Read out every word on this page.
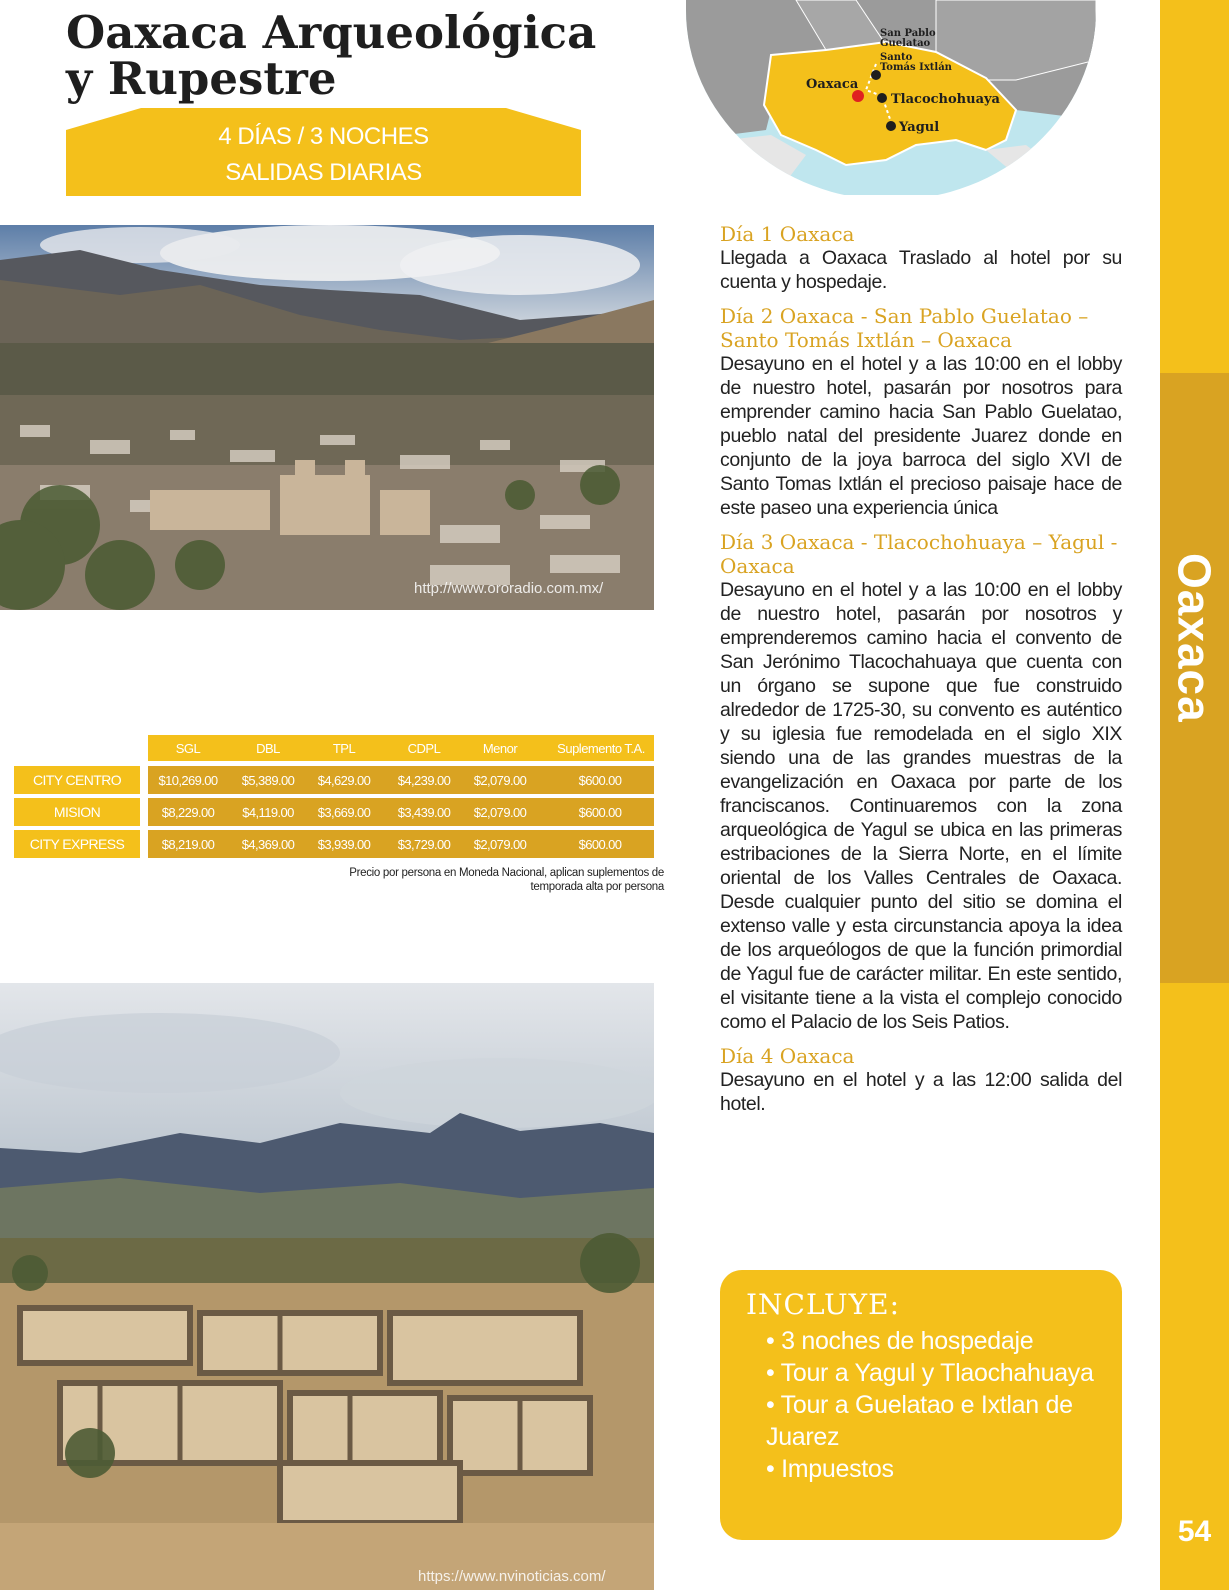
Oaxaca
54
Oaxaca Arqueológica
y Rupestre
4 DÍAS / 3 NOCHES
SALIDAS DIARIAS
San Pablo
Guelatao
Santo
Tomás Ixtlán
Oaxaca
Tlacochohuaya
Yagul
http://www.ororadio.com.mx/
SGL	DBL	TPL	CDPL	Menor	Suplemento T.A.
CITY CENTRO	$10,269.00	$5,389.00	$4,629.00	$4,239.00	$2,079.00	$600.00
MISION	$8,229.00	$4,119.00	$3,669.00	$3,439.00	$2,079.00	$600.00
CITY EXPRESS	$8,219.00	$4,369.00	$3,939.00	$3,729.00	$2,079.00	$600.00
Precio por persona en Moneda Nacional, aplican suplementos de
temporada alta por persona
https://www.nvinoticias.com/
Día 1 Oaxaca
Llegada a Oaxaca Traslado al hotel por su cuenta y hospedaje.
Día 2 Oaxaca - San Pablo Guelatao – Santo Tomás Ixtlán – Oaxaca
Desayuno en el hotel y a las 10:00 en el lobby de nuestro hotel, pasarán por nosotros para emprender camino hacia San Pablo Guelatao, pueblo natal del presidente Juarez donde en conjunto de la joya barroca del siglo XVI de Santo Tomas Ixtlán el precioso paisaje hace de este paseo una experiencia única
Día 3 Oaxaca - Tlacochohuaya – Yagul - Oaxaca
Desayuno en el hotel y a las 10:00 en el lobby de nuestro hotel, pasarán por nosotros y emprenderemos camino hacia el convento de San Jerónimo Tlacochahuaya que cuenta con un órgano se supone que fue construido alrededor de 1725-30, su convento es auténtico y su iglesia fue remodelada en el siglo XIX siendo una de las grandes muestras de la evangelización en Oaxaca por parte de los franciscanos. Continuaremos con la zona arqueológica de Yagul se ubica en las primeras estribaciones de la Sierra Norte, en el límite oriental de los Valles Centrales de Oaxaca. Desde cualquier punto del sitio se domina el extenso valle y esta circunstancia apoya la idea de los arqueólogos de que la función primordial de Yagul fue de carácter militar. En este sentido, el visitante tiene a la vista el complejo conocido como el Palacio de los Seis Patios.
Día 4 Oaxaca
Desayuno en el hotel y a las 12:00 salida del hotel.
INCLUYE:
• 3 noches de hospedaje
• Tour a Yagul y Tlaochahuaya
• Tour a Guelatao e Ixtlan de Juarez
• Impuestos
